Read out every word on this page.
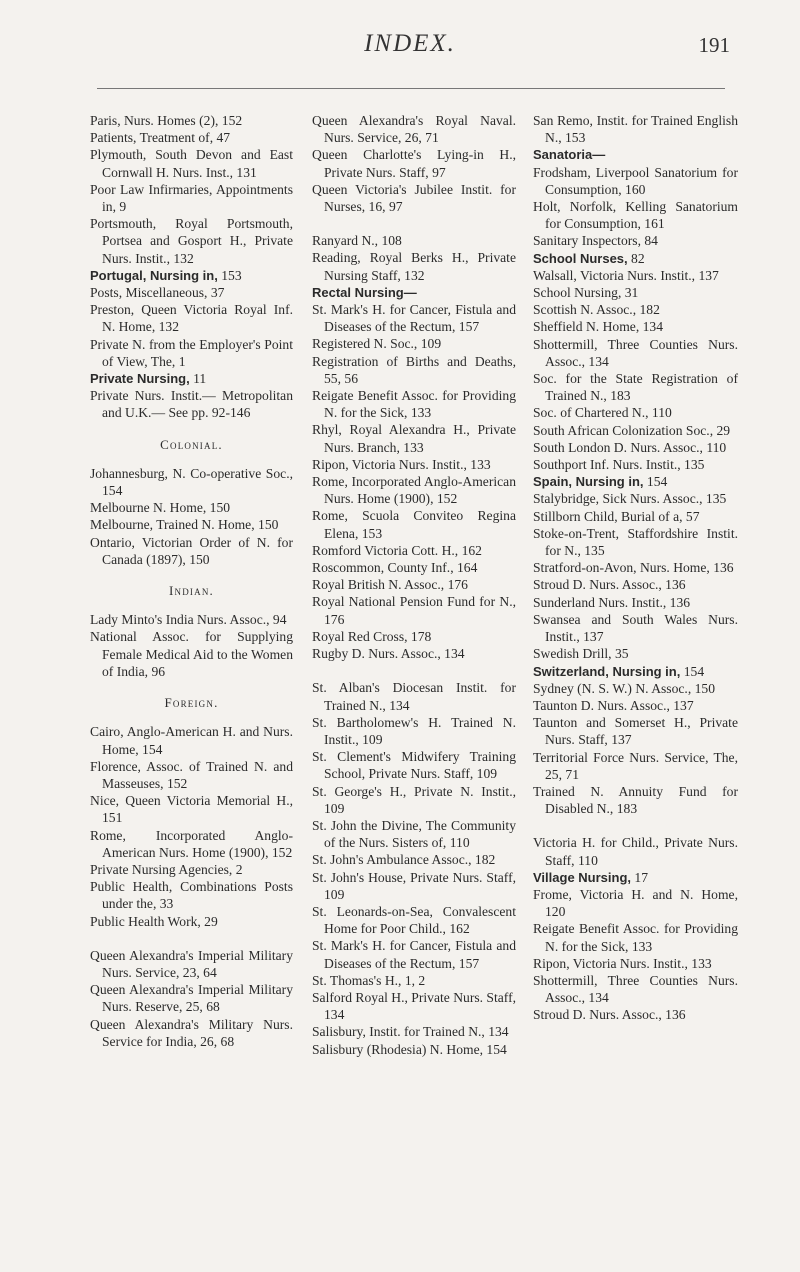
INDEX.	191

Paris, Nurs. Homes (2), 152

Patients, Treatment of, 47

Plymouth, South Devon and East Cornwall H. Nurs. Inst., 131

Poor Law Infirmaries, Appointments in, 9

Portsmouth, Royal Portsmouth, Portsea and Gosport H., Private Nurs. Instit., 132

Portugal, Nursing in, 153

Posts, Miscellaneous, 37

Preston, Queen Victoria Royal Inf. N. Home, 132

Private N. from the Employer's Point of View, The, 1

Private Nursing, 11

Private Nurs. Instit.— Metropolitan and U.K.— See pp. 92-146

Colonial.

Johannesburg, N. Co-operative Soc., 154

Melbourne N. Home, 150

Melbourne, Trained N. Home, 150

Ontario, Victorian Order of N. for Canada (1897), 150

Indian.

Lady Minto's India Nurs. Assoc., 94

National Assoc. for Supplying Female Medical Aid to the Women of India, 96

Foreign.

Cairo, Anglo-American H. and Nurs. Home, 154

Florence, Assoc. of Trained N. and Masseuses, 152

Nice, Queen Victoria Memorial H., 151

Rome, Incorporated Anglo-American Nurs. Home (1900), 152

Private Nursing Agencies, 2

Public Health, Combinations Posts under the, 33

Public Health Work, 29

Queen Alexandra's Imperial Military Nurs. Service, 23, 64

Queen Alexandra's Imperial Military Nurs. Reserve, 25, 68

Queen Alexandra's Military Nurs. Service for India, 26, 68

Queen Alexandra's Royal Naval. Nurs. Service, 26, 71

Queen Charlotte's Lying-in H., Private Nurs. Staff, 97

Queen Victoria's Jubilee Instit. for Nurses, 16, 97

Ranyard N., 108

Reading, Royal Berks H., Private Nursing Staff, 132

Rectal Nursing—

St. Mark's H. for Cancer, Fistula and Diseases of the Rectum, 157

Registered N. Soc., 109

Registration of Births and Deaths, 55, 56

Reigate Benefit Assoc. for Providing N. for the Sick, 133

Rhyl, Royal Alexandra H., Private Nurs. Branch, 133

Ripon, Victoria Nurs. Instit., 133

Rome, Incorporated Anglo-American Nurs. Home (1900), 152

Rome, Scuola Conviteo Regina Elena, 153

Romford Victoria Cott. H., 162

Roscommon, County Inf., 164

Royal British N. Assoc., 176

Royal National Pension Fund for N., 176

Royal Red Cross, 178

Rugby D. Nurs. Assoc., 134

St. Alban's Diocesan Instit. for Trained N., 134

St. Bartholomew's H. Trained N. Instit., 109

St. Clement's Midwifery Training School, Private Nurs. Staff, 109

St. George's H., Private N. Instit., 109

St. John the Divine, The Community of the Nurs. Sisters of, 110

St. John's Ambulance Assoc., 182

St. John's House, Private Nurs. Staff, 109

St. Leonards-on-Sea, Convalescent Home for Poor Child., 162

St. Mark's H. for Cancer, Fistula and Diseases of the Rectum, 157

St. Thomas's H., 1, 2

Salford Royal H., Private Nurs. Staff, 134

Salisbury, Instit. for Trained N., 134

Salisbury (Rhodesia) N. Home, 154

San Remo, Instit. for Trained English N., 153

Sanatoria—

Frodsham, Liverpool Sanatorium for Consumption, 160

Holt, Norfolk, Kelling Sanatorium for Consumption, 161

Sanitary Inspectors, 84

School Nurses, 82

Walsall, Victoria Nurs. Instit., 137

School Nursing, 31

Scottish N. Assoc., 182

Sheffield N. Home, 134

Shottermill, Three Counties Nurs. Assoc., 134

Soc. for the State Registration of Trained N., 183

Soc. of Chartered N., 110

South African Colonization Soc., 29

South London D. Nurs. Assoc., 110

Southport Inf. Nurs. Instit., 135

Spain, Nursing in, 154

Stalybridge, Sick Nurs. Assoc., 135

Stillborn Child, Burial of a, 57

Stoke-on-Trent, Staffordshire Instit. for N., 135

Stratford-on-Avon, Nurs. Home, 136

Stroud D. Nurs. Assoc., 136

Sunderland Nurs. Instit., 136

Swansea and South Wales Nurs. Instit., 137

Swedish Drill, 35

Switzerland, Nursing in, 154

Sydney (N. S. W.) N. Assoc., 150

Taunton D. Nurs. Assoc., 137

Taunton and Somerset H., Private Nurs. Staff, 137

Territorial Force Nurs. Service, The, 25, 71

Trained N. Annuity Fund for Disabled N., 183

Victoria H. for Child., Private Nurs. Staff, 110

Village Nursing, 17

Frome, Victoria H. and N. Home, 120

Reigate Benefit Assoc. for Providing N. for the Sick, 133

Ripon, Victoria Nurs. Instit., 133

Shottermill, Three Counties Nurs. Assoc., 134

Stroud D. Nurs. Assoc., 136
